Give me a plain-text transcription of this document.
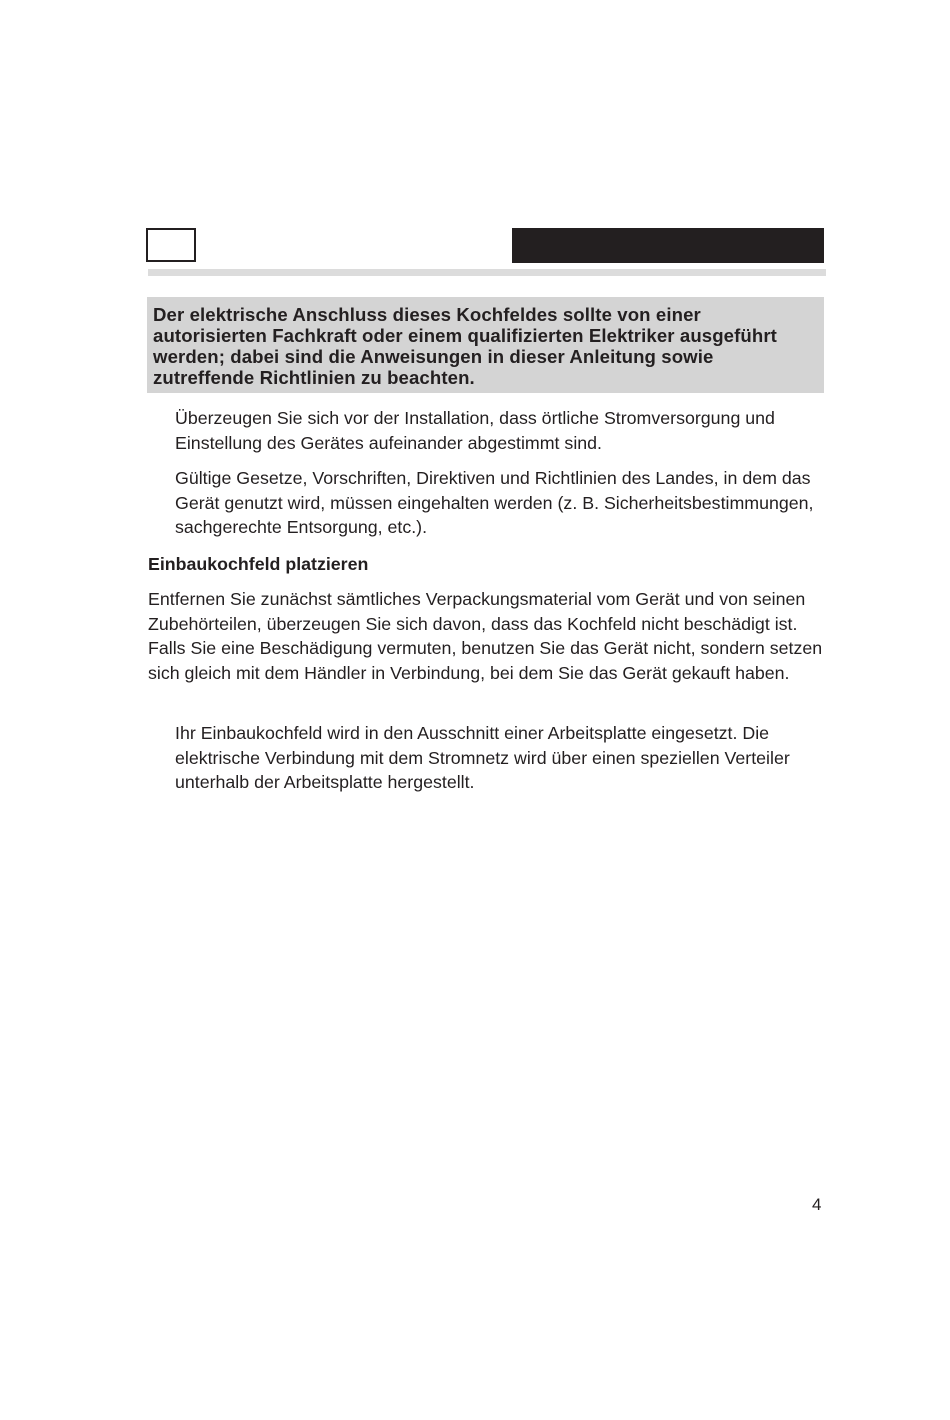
Der elektrische Anschluss dieses Kochfeldes sollte von einer autorisierten Fachkraft oder einem qualifizierten Elektriker ausgeführt werden; dabei sind die Anweisungen in dieser Anleitung sowie zutreffende Richtlinien zu beachten.

Überzeugen Sie sich vor der Installation, dass örtliche Stromversorgung und Einstellung des Gerätes aufeinander abgestimmt sind.

Gültige Gesetze, Vorschriften, Direktiven und Richtlinien des Landes, in dem das Gerät genutzt wird, müssen eingehalten werden (z. B. Sicherheitsbestimmungen, sachgerechte Entsorgung, etc.).

Einbaukochfeld platzieren

Entfernen Sie zunächst sämtliches Verpackungsmaterial vom Gerät und von seinen Zubehörteilen, überzeugen Sie sich davon, dass das Kochfeld nicht beschädigt ist. Falls Sie eine Beschädigung vermuten, benutzen Sie das Gerät nicht, sondern setzen sich gleich mit dem Händler in Verbindung, bei dem Sie das Gerät gekauft haben.

Ihr Einbaukochfeld wird in den Ausschnitt einer Arbeitsplatte eingesetzt. Die elektrische Verbindung mit dem Stromnetz wird über einen speziellen Verteiler unterhalb der Arbeitsplatte hergestellt.

4
